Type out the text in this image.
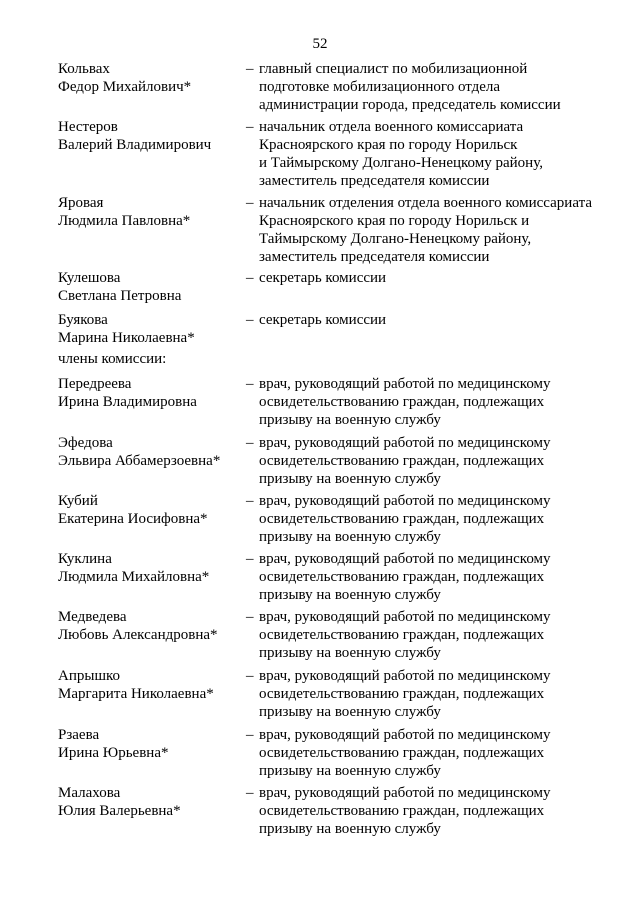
52
Кольвах
Федор Михайлович*
– главный специалист по мобилизационной
подготовке мобилизационного отдела
администрации города, председатель комиссии
Нестеров
Валерий Владимирович
– начальник отдела военного комиссариата
Красноярского края по городу Норильск
и Таймырскому Долгано-Ненецкому району,
заместитель председателя комиссии
Яровая
Людмила Павловна*
– начальник отделения отдела военного комиссариата
Красноярского края по городу Норильск и
Таймырскому Долгано-Ненецкому району,
заместитель председателя комиссии
Кулешова
Светлана Петровна
– секретарь комиссии
Буякова
Марина Николаевна*
– секретарь комиссии
члены комиссии:
Передреева
Ирина Владимировна
– врач, руководящий работой по медицинскому
освидетельствованию граждан, подлежащих
призыву на военную службу
Эфедова
Эльвира Аббамерзоевна*
– врач, руководящий работой по медицинскому
освидетельствованию граждан, подлежащих
призыву на военную службу
Кубий
Екатерина Иосифовна*
– врач, руководящий работой по медицинскому
освидетельствованию граждан, подлежащих
призыву на военную службу
Куклина
Людмила Михайловна*
– врач, руководящий работой по медицинскому
освидетельствованию граждан, подлежащих
призыву на военную службу
Медведева
Любовь Александровна*
– врач, руководящий работой по медицинскому
освидетельствованию граждан, подлежащих
призыву на военную службу
Апрышко
Маргарита Николаевна*
– врач, руководящий работой по медицинскому
освидетельствованию граждан, подлежащих
призыву на военную службу
Рзаева
Ирина Юрьевна*
– врач, руководящий работой по медицинскому
освидетельствованию граждан, подлежащих
призыву на военную службу
Малахова
Юлия Валерьевна*
– врач, руководящий работой по медицинскому
освидетельствованию граждан, подлежащих
призыву на военную службу
